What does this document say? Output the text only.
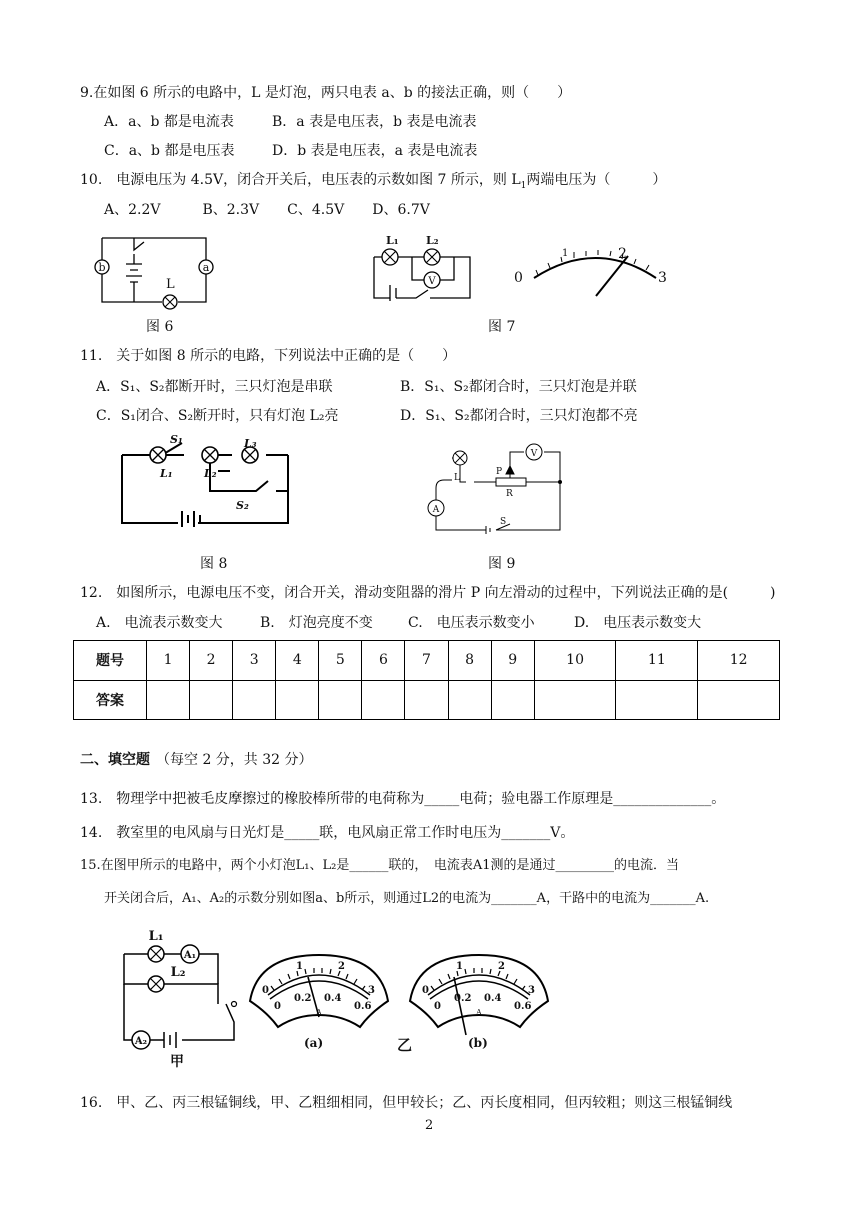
9.在如图 6 所示的电路中，L 是灯泡，两只电表 a、b 的接法正确，则（　　）
A．a、b 都是电流表	B．a 表是电压表，b 表是电流表
C．a、b 都是电压表	D．b 表是电压表，a 表是电流表
10.　电源电压为 4.5V，闭合开关后，电压表的示数如图 7 所示，则 $L_1$两端电压为（　　　）
A、2.2V　　　B、2.3V　　C、4.5V　　D、6.7V
b	a
L
图 6
V
L₁ L₂
0
1	2
3
图 7
11.　关于如图 8 所示的电路，下列说法中正确的是（　　）
A．S₁、S₂都断开时，三只灯泡是串联	B．S₁、S₂都闭合时，三只灯泡是并联
C．S₁闭合、S₂断开时，只有灯泡 L₂亮	D．S₁、S₂都闭合时，三只灯泡都不亮
S₁
L₁	L₂
L₃
S₂
图 8
V
A
P
R
L
S
图 9
12.　如图所示，电源电压不变，闭合开关，滑动变阻器的滑片 P 向左滑动的过程中，下列说法正确的是(　　　)
A.　电流表示数变大	B.　灯泡亮度不变	C.　电压表示数变小	D.　电压表示数变大
题号	1	2	3	4	5	6	7	8	9	10	11	12
答案												
二、填空题 （每空 2 分，共 32 分）
13.　物理学中把被毛皮摩擦过的橡胶棒所带的电荷称为_____电荷；验电器工作原理是______________。
14.　教室里的电风扇与日光灯是_____联，电风扇正常工作时电压为_______V。
15.在图甲所示的电路中，两个小灯泡L₁、L₂是______联的，　电流表A1测的是通过_________的电流．当
开关闭合后，A₁、A₂的示数分别如图a、b所示，则通过L2的电流为_______A，干路中的电流为_______A.
L₁
A₁
L₂
A₂
甲
0
1	2
3
0
0.2 0.4
0.6
A
(a)	乙
0
1	2
3
0
0.2 0.4
0.6
A
(b)
16.　甲、乙、丙三根锰铜线，甲、乙粗细相同，但甲较长；乙、丙长度相同，但丙较粗；则这三根锰铜线
2
